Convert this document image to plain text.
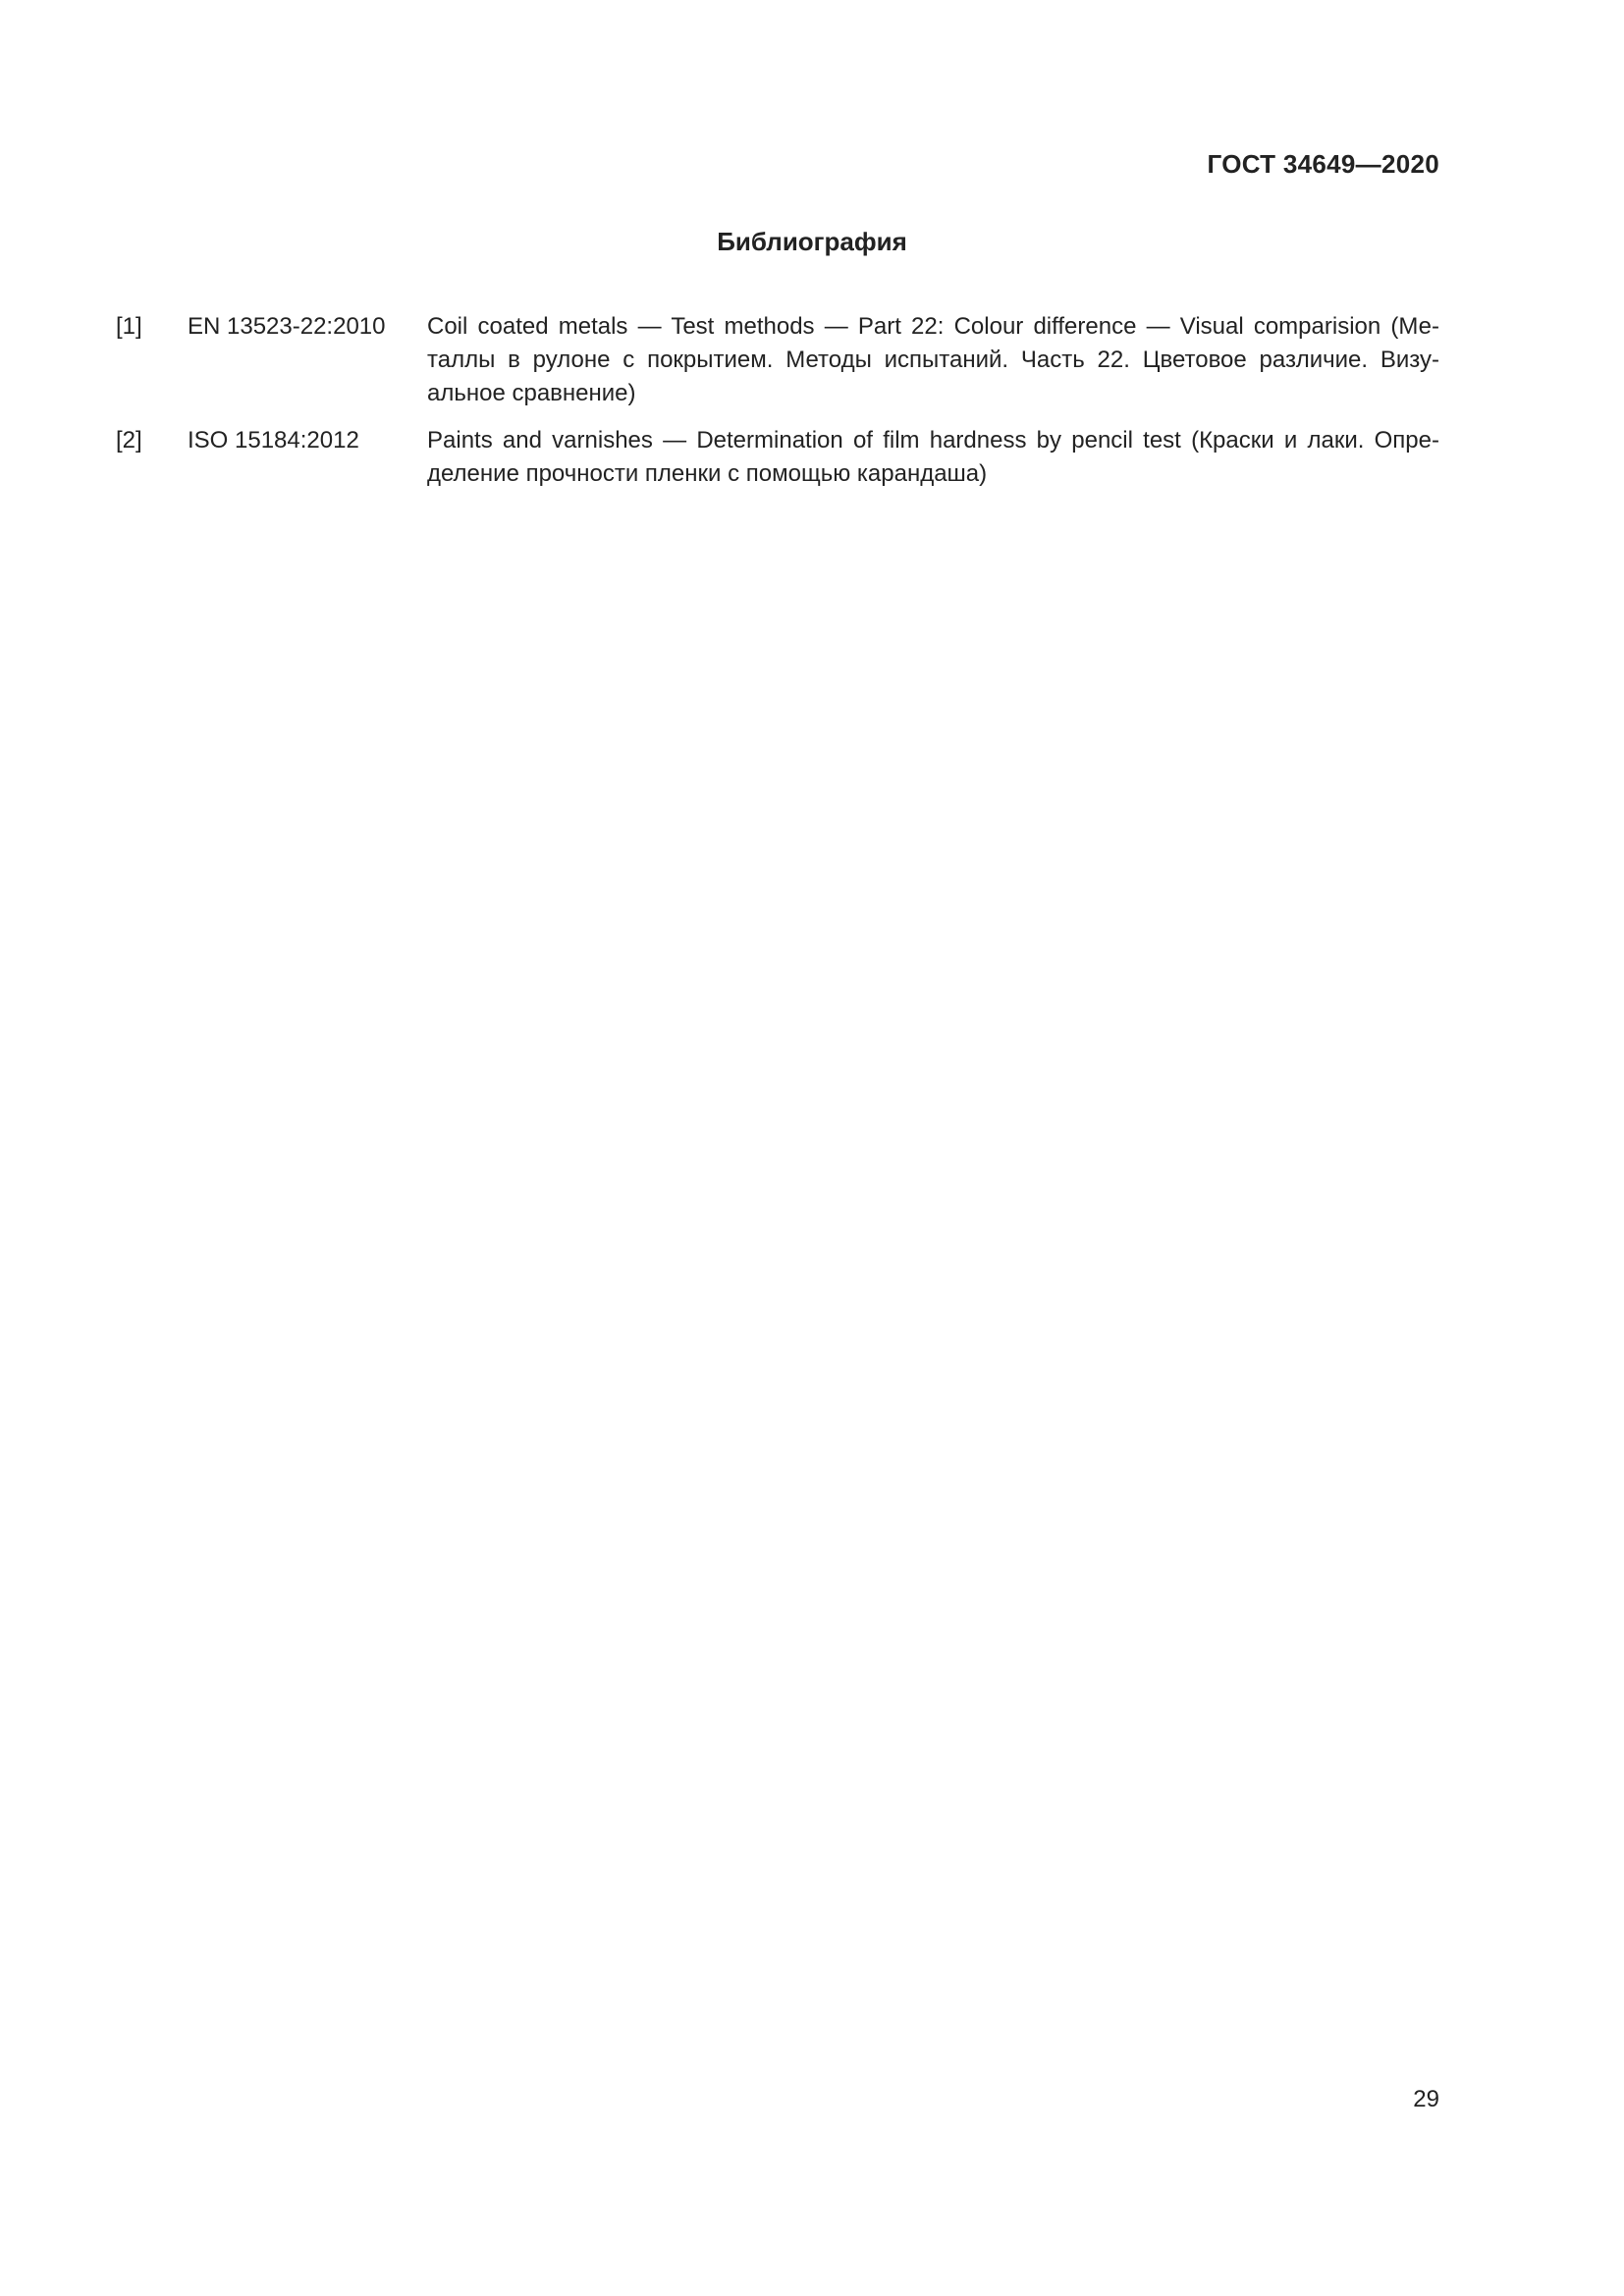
ГОСТ 34649—2020
Библиография
[1] EN 13523-22:2010 Coil coated metals — Test methods — Part 22: Colour difference — Visual comparision (Металлы в рулоне с покрытием. Методы испытаний. Часть 22. Цветовое различие. Визуальное сравнение)
[2] ISO 15184:2012	Paints and varnishes — Determination of film hardness by pencil test (Краски и лаки. Определение прочности пленки с помощью карандаша)
29
